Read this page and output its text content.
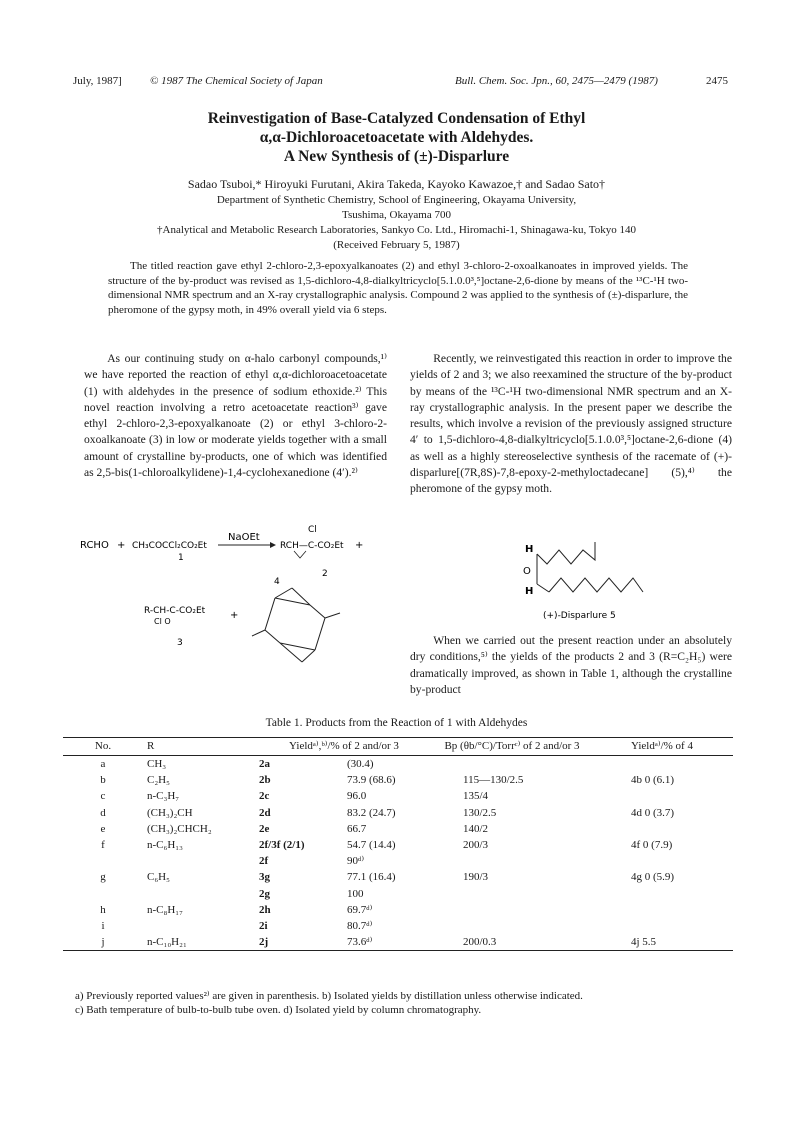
July, 1987]	© 1987 The Chemical Society of Japan	Bull. Chem. Soc. Jpn., 60, 2475—2479 (1987)	2475
Reinvestigation of Base-Catalyzed Condensation of Ethyl
α,α-Dichloroacetoacetate with Aldehydes.
A New Synthesis of (±)-Disparlure
Sadao Tsuboi,* Hiroyuki Furutani, Akira Takeda, Kayoko Kawazoe,† and Sadao Sato†
Department of Synthetic Chemistry, School of Engineering, Okayama University,
Tsushima, Okayama 700
†Analytical and Metabolic Research Laboratories, Sankyo Co. Ltd., Hiromachi-1, Shinagawa-ku, Tokyo 140
(Received February 5, 1987)
The titled reaction gave ethyl 2-chloro-2,3-epoxyalkanoates (2) and ethyl 3-chloro-2-oxoalkanoates in improved yields. The structure of the by-product was revised as 1,5-dichloro-4,8-dialkyltricyclo[5.1.0.0³,⁵]octane-2,6-dione by means of the ¹³C-¹H two-dimensional NMR spectrum and an X-ray crystallographic analysis. Compound 2 was applied to the synthesis of (±)-disparlure, the pheromone of the gypsy moth, in 49% overall yield via 6 steps.

As our continuing study on α-halo carbonyl compounds,¹⁾ we have reported the reaction of ethyl α,α-dichloroacetoacetate (1) with aldehydes in the presence of sodium ethoxide.²⁾ This novel reaction involving a retro acetoacetate reaction³⁾ gave ethyl 2-chloro-2,3-epoxyalkanoate (2) or ethyl 3-chloro-2-oxoalkanoate (3) in low or moderate yields together with a small amount of crystalline by-products, one of which was identified as 2,5-bis(1-chloroalkylidene)-1,4-cyclohexanedione (4′).²⁾

Recently, we reinvestigated this reaction in order to improve the yields of 2 and 3; we also reexamined the structure of the by-product by means of the ¹³C-¹H two-dimensional NMR spectrum and an X-ray crystallographic analysis. In the present paper we describe the results, which involve a revision of the previously assigned structure 4′ to 1,5-dichloro-4,8-dialkyltricyclo[5.1.0.0³,⁵]octane-2,6-dione (4) as well as a highly stereoselective synthesis of the racemate of (+)-disparlure[(7R,8S)-7,8-epoxy-2-methyloctadecane] (5),⁴⁾ the pheromone of the gypsy moth.

When we carried out the present reaction under an absolutely dry conditions,⁵⁾ the yields of the products 2 and 3 (R=C₂H₅) were dramatically improved, as shown in Table 1, although the crystalline by-product

RCHO + CH₃COCCl₂CO₂Et
1
NaOEt
Cl
RCH—C-CO₂Et
2
+
R-CH-C-CO₂Et
Cl O
3
+
4
H
O
H
(+)-Disparlure 5
Table 1. Products from the Reaction of 1 with Aldehydes
No.	R	Yieldᵃ⁾,ᵇ⁾/% of 2 and/or 3	Bp (θb/°C)/Torrᶜ⁾ of 2 and/or 3	Yieldᵃ⁾/% of 4
a	CH₃	2a (30.4)		
b	C₂H₅	2b 73.9 (68.6)	115—130/2.5	4b 0 (6.1)
c	n-C₃H₇	2c 96.0	135/4	
d	(CH₃)₂CH	2d 83.2 (24.7)	130/2.5	4d 0 (3.7)
e	(CH₃)₂CHCH₂	2e 66.7	140/2	
f	n-C₆H₁₃	2f/3f (2/1) 54.7 (14.4)	200/3	4f 0 (7.9)
		2f 90ᵈ⁾		
g	C₆H₅	3g 77.1 (16.4)	190/3	4g 0 (5.9)
		2g 100		
h	n-C₈H₁₇	2h 69.7ᵈ⁾		
i		2i 80.7ᵈ⁾		
j	n-C₁₀H₂₁	2j 73.6ᵈ⁾	200/0.3	4j 5.5
a) Previously reported values²⁾ are given in parenthesis. b) Isolated yields by distillation unless otherwise indicated.
c) Bath temperature of bulb-to-bulb tube oven. d) Isolated yield by column chromatography.
